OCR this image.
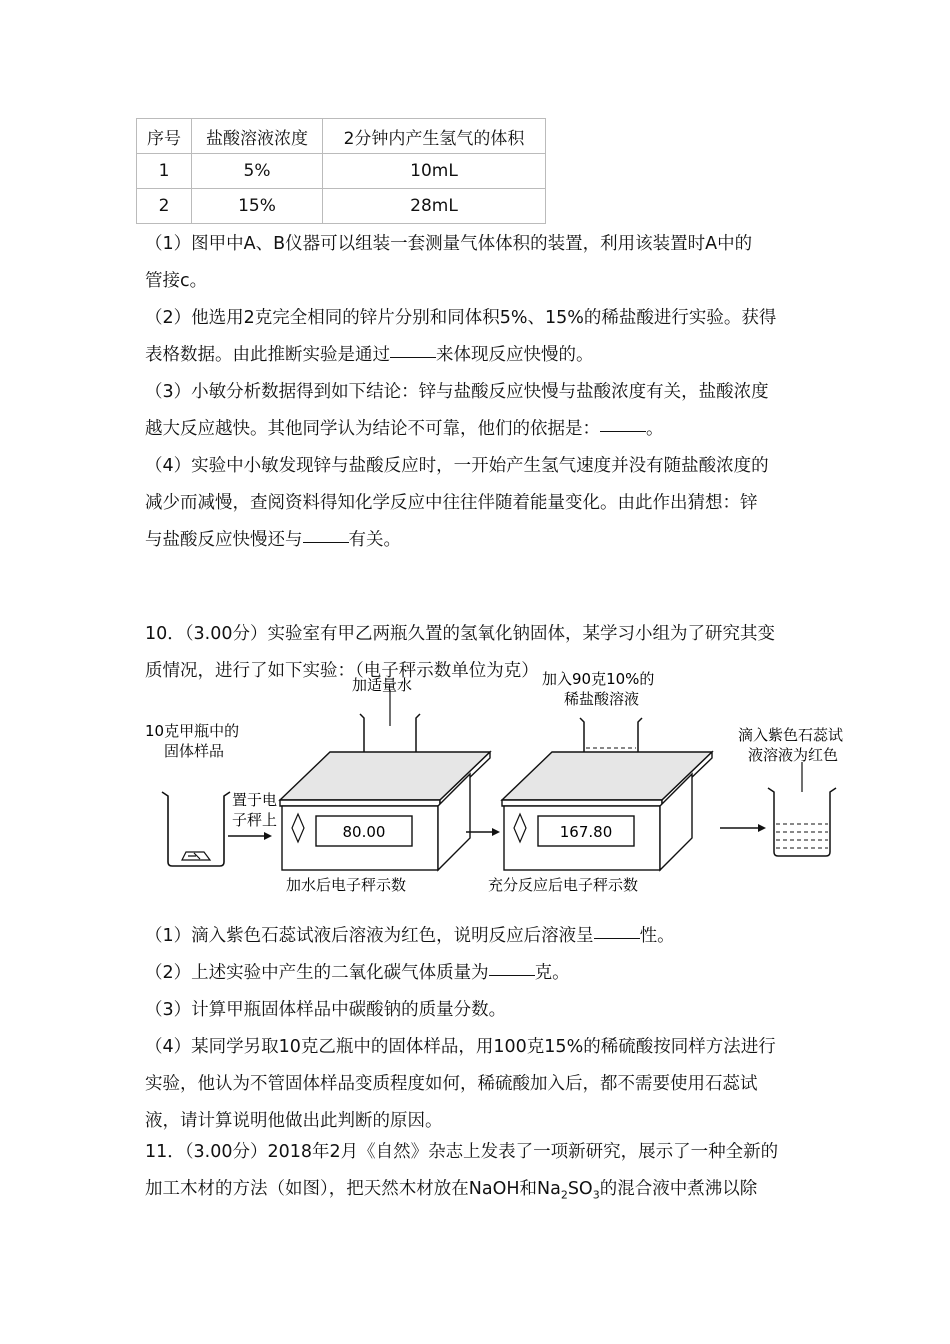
序号	盐酸溶液浓度	2分钟内产生氢气的体积
1	5%	10mL
2	15%	28mL
（1）图甲中A、B仪器可以组装一套测量气体体积的装置，利用该装置时A中的
管接c。
（2）他选用2克完全相同的锌片分别和同体积5%、15%的稀盐酸进行实验。获得
表格数据。由此推断实验是通过	来体现反应快慢的。
（3）小敏分析数据得到如下结论：锌与盐酸反应快慢与盐酸浓度有关，盐酸浓度
越大反应越快。其他同学认为结论不可靠，他们的依据是：	。
（4）实验中小敏发现锌与盐酸反应时，一开始产生氢气速度并没有随盐酸浓度的
减少而减慢，查阅资料得知化学反应中往往伴随着能量变化。由此作出猜想：锌
与盐酸反应快慢还与	有关。
10．（3.00分）实验室有甲乙两瓶久置的氢氧化钠固体，某学习小组为了研究其变
质情况，进行了如下实验：（电子秤示数单位为克）
10克甲瓶中的
固体样品
置于电
子秤上
加适量水
80.00
加水后电子秤示数
加入90克10%的
稀盐酸溶液
167.80
充分反应后电子秤示数
滴入紫色石蕊试
液溶液为红色
（1）滴入紫色石蕊试液后溶液为红色，说明反应后溶液呈	性。
（2）上述实验中产生的二氧化碳气体质量为	克。
（3）计算甲瓶固体样品中碳酸钠的质量分数。
（4）某同学另取10克乙瓶中的固体样品，用100克15%的稀硫酸按同样方法进行
实验，他认为不管固体样品变质程度如何，稀硫酸加入后，都不需要使用石蕊试
液，请计算说明他做出此判断的原因。
11．（3.00分）2018年2月《自然》杂志上发表了一项新研究，展示了一种全新的
加工木材的方法（如图），把天然木材放在NaOH和$Na_2SO_3$的混合液中煮沸以除
